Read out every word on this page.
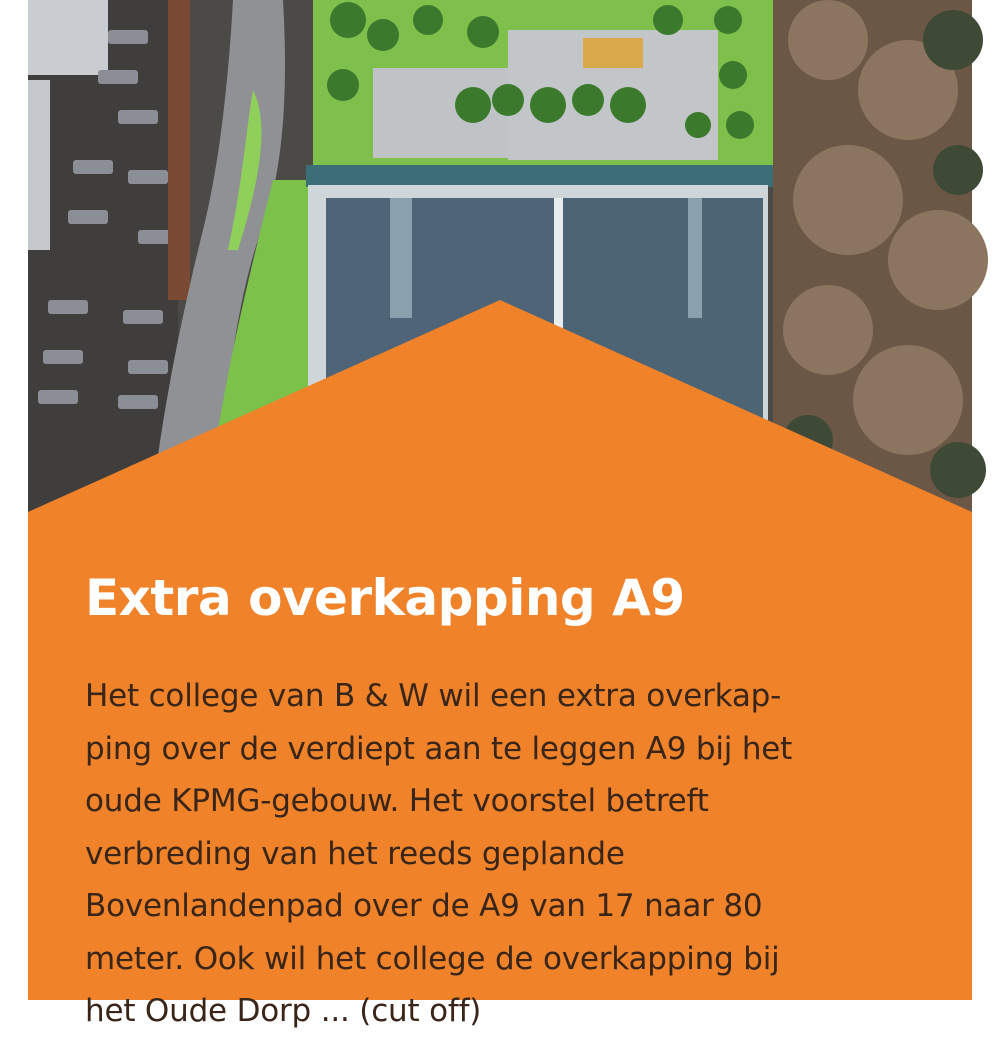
Extra overkapping A9
Het college van B & W wil een extra overkap-
ping over de verdiept aan te leggen A9 bij het
oude KPMG-gebouw. Het voorstel betreft
verbreding van het reeds geplande
Bovenlandenpad over de A9 van 17 naar 80
meter. Ook wil het college de overkapping bij
het Oude Dorp ... (cut off)
